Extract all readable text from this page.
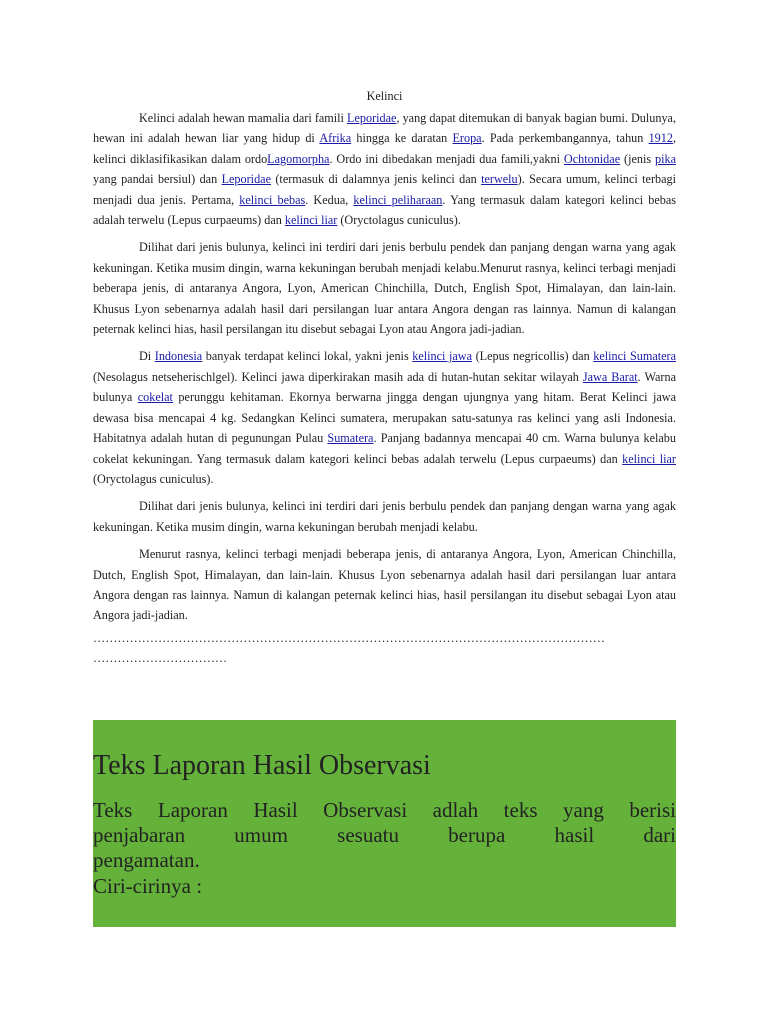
Kelinci

Kelinci adalah hewan mamalia dari famili Leporidae, yang dapat ditemukan di banyak bagian bumi. Dulunya, hewan ini adalah hewan liar yang hidup di Afrika hingga ke daratan Eropa. Pada perkembangannya, tahun 1912, kelinci diklasifikasikan dalam ordoLagomorpha. Ordo ini dibedakan menjadi dua famili,yakni Ochtonidae (jenis pika yang pandai bersiul) dan Leporidae (termasuk di dalamnya jenis kelinci dan terwelu). Secara umum, kelinci terbagi menjadi dua jenis. Pertama, kelinci bebas. Kedua, kelinci peliharaan. Yang termasuk dalam kategori kelinci bebas adalah terwelu (Lepus curpaeums) dan kelinci liar (Oryctolagus cuniculus).

Dilihat dari jenis bulunya, kelinci ini terdiri dari jenis berbulu pendek dan panjang dengan warna yang agak kekuningan. Ketika musim dingin, warna kekuningan berubah menjadi kelabu.Menurut rasnya, kelinci terbagi menjadi beberapa jenis, di antaranya Angora, Lyon, American Chinchilla, Dutch, English Spot, Himalayan, dan lain-lain. Khusus Lyon sebenarnya adalah hasil dari persilangan luar antara Angora dengan ras lainnya. Namun di kalangan peternak kelinci hias, hasil persilangan itu disebut sebagai Lyon atau Angora jadi-jadian.

Di Indonesia banyak terdapat kelinci lokal, yakni jenis kelinci jawa (Lepus negricollis) dan kelinci Sumatera (Nesolagus netseherischlgel). Kelinci jawa diperkirakan masih ada di hutan-hutan sekitar wilayah Jawa Barat. Warna bulunya cokelat perunggu kehitaman. Ekornya berwarna jingga dengan ujungnya yang hitam. Berat Kelinci jawa dewasa bisa mencapai 4 kg. Sedangkan Kelinci sumatera, merupakan satu-satunya ras kelinci yang asli Indonesia. Habitatnya adalah hutan di pegunungan Pulau Sumatera. Panjang badannya mencapai 40 cm. Warna bulunya kelabu cokelat kekuningan. Yang termasuk dalam kategori kelinci bebas adalah terwelu (Lepus curpaeums) dan kelinci liar (Oryctolagus cuniculus).

Dilihat dari jenis bulunya, kelinci ini terdiri dari jenis berbulu pendek dan panjang dengan warna yang agak kekuningan. Ketika musim dingin, warna kekuningan berubah menjadi kelabu.

Menurut rasnya, kelinci terbagi menjadi beberapa jenis, di antaranya Angora, Lyon, American Chinchilla, Dutch, English Spot, Himalayan, dan lain-lain. Khusus Lyon sebenarnya adalah hasil dari persilangan luar antara Angora dengan ras lainnya. Namun di kalangan peternak kelinci hias, hasil persilangan itu disebut sebagai Lyon atau Angora jadi-jadian.

………………………………………………………………………………………………………………
……………………………
Teks Laporan Hasil Observasi
Teks Laporan Hasil Observasi adlah teks yang berisi
penjabaran umum sesuatu berupa hasil dari
pengamatan.
Ciri-cirinya :
